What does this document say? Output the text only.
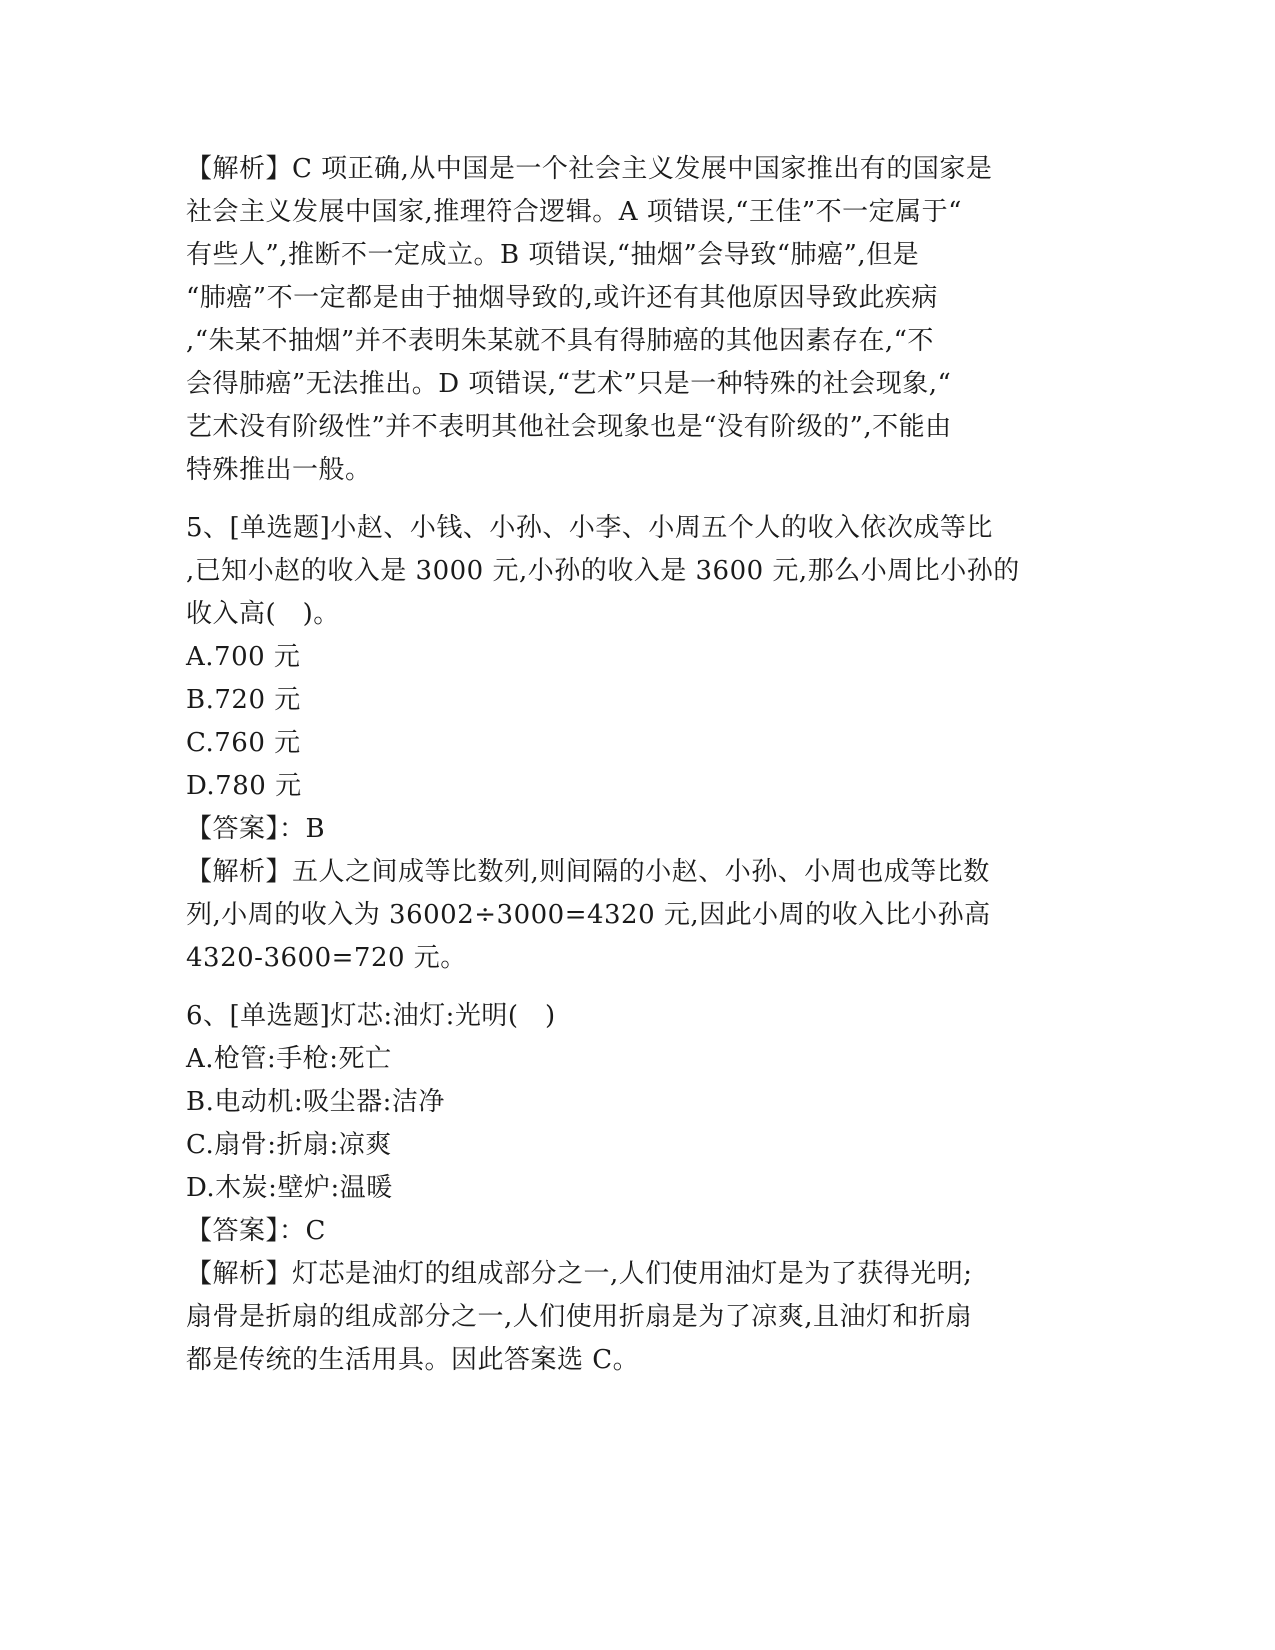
【解析】C 项正确,从中国是一个社会主义发展中国家推出有的国家是
社会主义发展中国家,推理符合逻辑。A 项错误,“王佳”不一定属于“
有些人”,推断不一定成立。B 项错误,“抽烟”会导致“肺癌”,但是
“肺癌”不一定都是由于抽烟导致的,或许还有其他原因导致此疾病
,“朱某不抽烟”并不表明朱某就不具有得肺癌的其他因素存在,“不
会得肺癌”无法推出。D 项错误,“艺术”只是一种特殊的社会现象,“
艺术没有阶级性”并不表明其他社会现象也是“没有阶级的”,不能由
特殊推出一般。
5、[单选题]小赵、小钱、小孙、小李、小周五个人的收入依次成等比
,已知小赵的收入是 3000 元,小孙的收入是 3600 元,那么小周比小孙的
收入高(　)。
A.700 元
B.720 元
C.760 元
D.780 元
【答案】：B
【解析】五人之间成等比数列,则间隔的小赵、小孙、小周也成等比数
列,小周的收入为 36002÷3000=4320 元,因此小周的收入比小孙高
4320-3600=720 元。
6、[单选题]灯芯:油灯:光明(　)
A.枪管:手枪:死亡
B.电动机:吸尘器:洁净
C.扇骨:折扇:凉爽
D.木炭:壁炉:温暖
【答案】：C
【解析】灯芯是油灯的组成部分之一,人们使用油灯是为了获得光明;
扇骨是折扇的组成部分之一,人们使用折扇是为了凉爽,且油灯和折扇
都是传统的生活用具。因此答案选 C。
